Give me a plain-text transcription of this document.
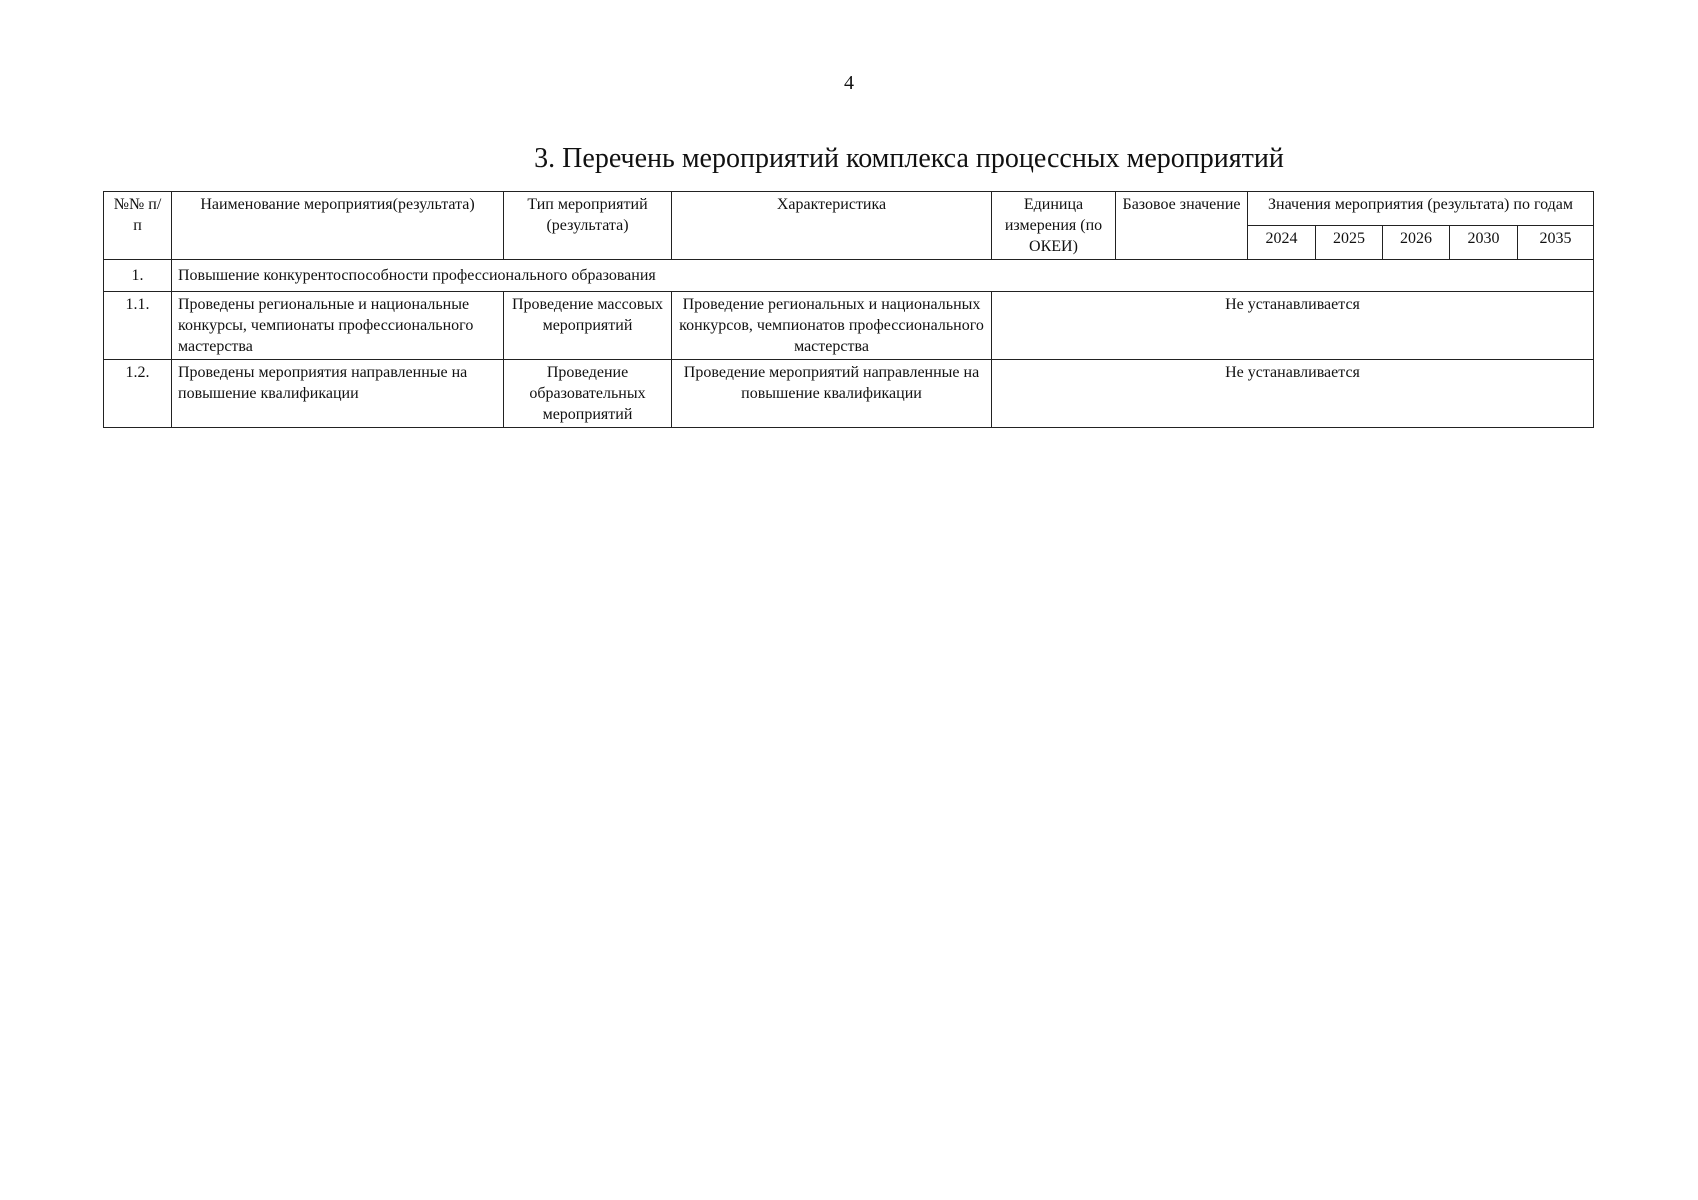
4
3. Перечень мероприятий комплекса процессных мероприятий
№№ п/п	Наименование мероприятия(результата)	Тип мероприятий (результата)	Характеристика	Единица измерения (по ОКЕИ)	Базовое значение	Значения мероприятия (результата) по годам				
						2024	2025	2026	2030	2035
1.	Повышение конкурентоспособности профессионального образования									
1.1.	Проведены региональные и национальные конкурсы, чемпионаты профессионального мастерства	Проведение массовых мероприятий	Проведение региональных и национальных конкурсов, чемпионатов профессионального мастерства	Не устанавливается						
1.2.	Проведены мероприятия направленные на повышение квалификации	Проведение образовательных мероприятий	Проведение мероприятий направленные на повышение квалификации	Не устанавливается						
